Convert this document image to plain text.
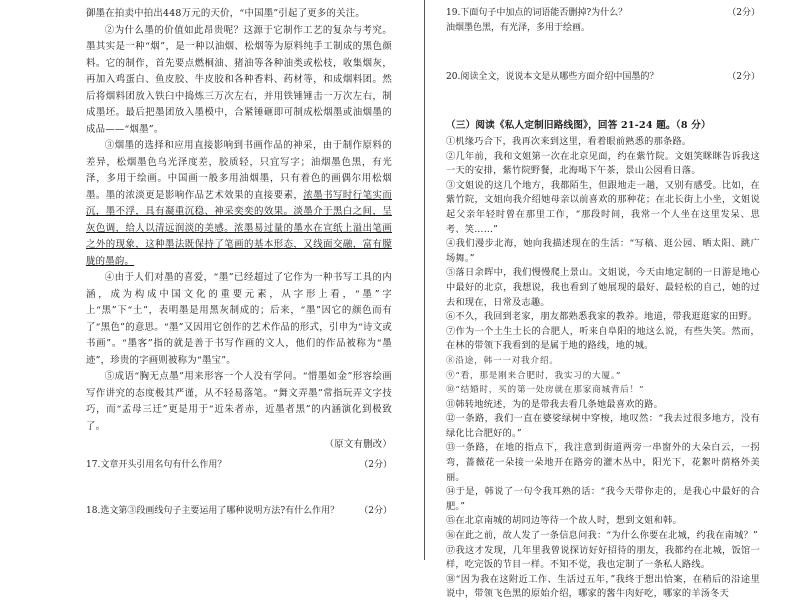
御墨在拍卖中拍出448万元的天价，“中国墨”引起了更多的关注。

②为什么墨的价值如此昂贵呢？这源于它制作工艺的复杂与考究。墨其实是一种“烟”，是一种以油烟、松烟等为原料纯手工制成的黑色颜料。它的制作，首先要点燃桐油、猪油等各种油类或松枝，收集烟灰，再加入鸡蛋白、鱼皮胶、牛皮胶和各种香料、药材等，和成烟料团。然后将烟料团放入铁臼中捣炼三万次左右，并用铁锤锤击一万次左右，制成墨坯。最后把墨团放入墨模中，合紧锤砸即可制成松烟墨或油烟墨的成品——“烟墨”。

③烟墨的选择和应用直接影响到书画作品的神采，由于制作原料的差异，松烟墨色乌光泽度差，胶质轻，只宜写字；油烟墨色黑，有光泽，多用于绘画。中国画一般多用油烟墨，只有着色的画偶尔用松烟墨。墨的浓淡更是影响作品艺术效果的直接要素，浓墨书写时行笔实而沉，墨不浮，具有凝重沉稳、神采奕奕的效果。淡墨介于黑白之间，呈灰色调，给人以清远润淡的美感。浓墨易过量的墨水在宣纸上溢出笔画之外的现象，这种墨法既保持了笔画的基本形态，又线面交融，富有朦胧的墨韵。

④由于人们对墨的喜爱，“墨”已经超过了它作为一种书写工具的内涵，成为构成中国文化的重要元素，从字形上看，“墨”字上“黑”下“土”，表明墨是用黑灰制成的；后来，“墨”因它的颜色而有了“黑色”的意思。“墨”又因用它创作的艺术作品的形式，引申为“诗文或书画”。“墨客”指的就是善于书写作画的文人，他们的作品被称为“墨迹”，珍贵的字画则被称为“墨宝”。

⑤成语“胸无点墨”用来形容一个人没有学问。“惜墨如金”形容绘画写作讲究的态度极其严谨，从不轻易落笔。“舞文弄墨”常指玩弄文字技巧，而“孟母三迁”更是用于“近朱者赤，近墨者黑”的内涵演化到极致了。

（原文有删改）

17.文章开头引用名句有什么作用？	（2分）
18.选文第③段画线句子主要运用了哪种说明方法?有什么作用？ （2分）
19.下面句子中加点的词语能否删掉?为什么？	（2分）
油烟墨色黑，有光泽，多用于绘画。
20.阅读全文，说说本文是从哪些方面介绍中国墨的？	（2分）
（三）阅读《私人定制旧路线图》，回答 21-24 题。（8 分）

①机缘巧合下，我再次来到这里，看着眼前熟悉的那条路。

②几年前，我和文姐第一次在北京见面，约在紫竹院。文姐笑眯眯告诉我这一天的安排，紫竹院野餐，北海喝下午茶，景山公园看日落。

③文姐说的这几个地方，我都陌生，但跟地走一趟，又别有感受。比如，在紫竹院，文姐向我介绍她母亲以前喜欢的那种花；在北长街上小坐，文姐说起父亲年轻时曾在那里工作，“那段时间，我常一个人坐在这里发呆、思考、笑……”

④我们漫步北海，她向我描述现在的生活：“写稿、逛公园、晒太阳、跳广场舞。”

⑤落日余晖中，我们慢慢爬上景山。文姐说，今天由地定制的一日游是地心中最好的北京，我想说，我也看到了她展现的最好、最轻松的自己，她的过去和现在，日常及志趣。

⑥不久，我回到老家，朋友都熟悉我家的教养。地道，带我逛逛家的田野。

⑦作为一个土生土长的合肥人，听来自阜阳的地这么说，有些失笑。然而，在林的带领下我看到的是属于地的路线，地的城。

⑧沿途，韩一一对我介绍。

⑨“看，那是刚来合肥时，我实习的大厦。”

⑩“结婚时，买的第一处房就在那家商城背后！”

⑪韩转地统述，为的是带我去看几条她最喜欢的路。

⑫一条路，我们一直在婆娑绿树中穿梭，地叹然：“我去过很多地方，没有绿化比合肥好的。”

⑬一条路，在地的指点下，我注意到街道两旁一串窗外的大朵白云，一拐弯，蔷薇花一朵接一朵地开在路旁的灌木丛中，阳光下，花絮叶荫格外美丽。

⑭于是，韩说了一句令我耳熟的话：“我今天带你走的，是我心中最好的合肥。”

⑮在北京南城的胡同边等待一个故人时，想到文姐和韩。

⑯在此之前，故人发了一条信息问我：“为什么你要在北城，约我在南城？”

⑰我这才发现，几年里我曾说探访好好招待的朋友，我都约在北城，饭馆一样，吃完饭的节目一样。不知不觉，我也定制了一条私人路线。

⑱“因为我在这附近工作、生活过五年，”我终于想出恰案，在稍后的沿途里说中，带领飞色黑的原始介绍，哪家的酱牛肉好吃，哪家的羊汤冬天
